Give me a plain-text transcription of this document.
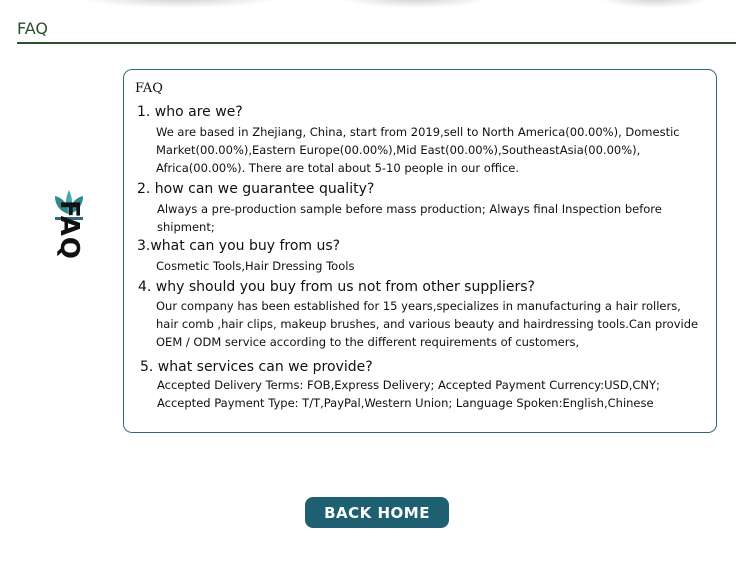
FAQ
FAQ
FAQ
1. who are we?
We are based in Zhejiang, China, start from 2019,sell to North America(00.00%), Domestic
Market(00.00%),Eastern Europe(00.00%),Mid East(00.00%),SoutheastAsia(00.00%),
Africa(00.00%). There are total about 5-10 people in our office.
2. how can we guarantee quality?
Always a pre-production sample before mass production; Always final Inspection before
shipment;
3.what can you buy from us?
Cosmetic Tools,Hair Dressing Tools
4. why should you buy from us not from other suppliers?
Our company has been established for 15 years,specializes in manufacturing a hair rollers,
hair comb ,hair clips, makeup brushes, and various beauty and hairdressing tools.Can provide
OEM / ODM service according to the different requirements of customers,
5. what services can we provide?
Accepted Delivery Terms: FOB,Express Delivery; Accepted Payment Currency:USD,CNY;
Accepted Payment Type: T/T,PayPal,Western Union; Language Spoken:English,Chinese
BACK HOME
